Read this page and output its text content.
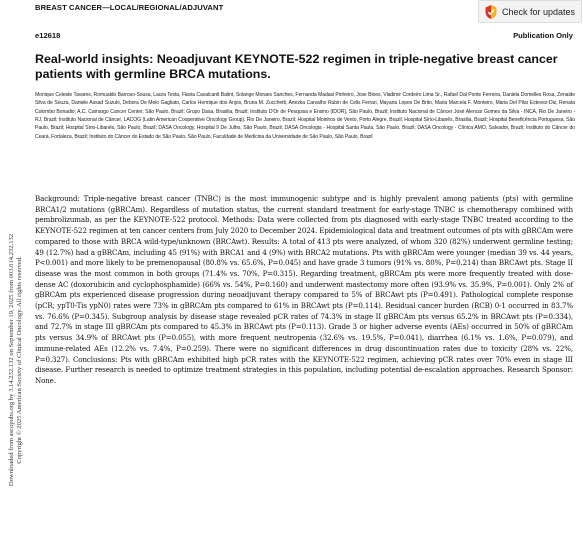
BREAST CANCER—LOCAL/REGIONAL/ADJUVANT	Check for updates
e12618	Publication Only
Real-world insights: Neoadjuvant KEYNOTE-522 regimen in triple-negative breast cancer patients with germline BRCA mutations.
Monique Celeste Tavares, Romualdo Barroso-Sousa, Laura Testa, Flavia Cavalcanti Balint, Solange Moraes Sanches, Fernanda Madasi Pinheiro, Jose Bines, Vladimir Cordeiro Lima Sr., Rafael Dal Ponte Ferreira, Daniela Domelles Rosa, Zenaide Silva de Souza, Daniele Assad Suzuki, Debora De Melo Gagliato, Carlos Henrique dos Anjos, Bruna M. Zucchetti, Anezka Carvalho Rubin de Celis Ferrari, Mayana Lopes De Brito, Maria Marcela F. Monteiro, Maria Del Pilar Estevez-Diz, Renata Colombo Bonadio; A.C. Camargo Cancer Center, São Paulo, Brazil; Grupo Dasa, Brasilia, Brazil; Instituto D'Or de Pesquisa e Ensino (IDOR), São Paulo, Brazil; Instituto Nacional de Câncer José Alencar Gomes da Silva - INCA, Rio De Janeiro - RJ, Brazil; Instituto Nacional de Câncer, LACOG (Latin American Cooperative Oncology Group), Rio De Janeiro, Brazil; Hospital Moinhos de Vento, Porto Alegre, Brazil; Hospital Sírio-Libanês, Brasilia, Brazil; Hospital Beneficência Portuguesa, São Paulo, Brazil; Hospital Sírio-Libanês, São Paulo, Brazil; DASA Oncology, Hospital 9 De Julho, São Paulo, Brazil; DASA Oncologia - Hospital Santa Paula, São Paulo, Brazil; DASA Oncology - Clínica AMO, Salvador, Brazil; Instituto do Câncer do Ceará, Fortaleza, Brazil; Instituto do Câncer do Estado de São Paulo, São Paulo, Faculdade de Medicina da Universidade de São Paulo, São Paulo, Brazil

Background: Triple-negative breast cancer (TNBC) is the most immunogenic subtype and is highly prevalent among patients (pts) with germline BRCA1/2 mutations (gBRCAm). Regardless of mutation status, the current standard treatment for early-stage TNBC is chemotherapy combined with pembrolizumab, as per the KEYNOTE-522 protocol. Methods: Data were collected from pts diagnosed with early-stage TNBC treated according to the KEYNOTE-522 regimen at ten cancer centers from July 2020 to December 2024. Epidemiological data and treatment outcomes of pts with gBRCAm were compared to those with BRCA wild-type/unknown (BRCAwt). Results: A total of 413 pts were analyzed, of whom 320 (82%) underwent germline testing; 49 (12.7%) had a gBRCAm, including 45 (91%) with BRCA1 and 4 (9%) with BRCA2 mutations. Pts with gBRCAm were younger (median 39 vs. 44 years, P<0.001) and more likely to be premenopausal (80.8% vs. 65.6%, P=0.045) and have grade 3 tumors (91% vs. 80%, P=0.214) than BRCAwt pts. Stage II disease was the most common in both groups (71.4% vs. 70%, P=0.315). Regarding treatment, gBRCAm pts were more frequently treated with dose-dense AC (doxorubicin and cyclophosphamide) (66% vs. 54%, P=0.160) and underwent mastectomy more often (93.9% vs. 35.9%, P=0.001). Only 2% of gBRCAm pts experienced disease progression during neoadjuvant therapy compared to 5% of BRCAwt pts (P=0.491). Pathological complete response (pCR; ypT0-Tis ypN0) rates were 73% in gBRCAm pts compared to 61% in BRCAwt pts (P=0.114). Residual cancer burden (RCB) 0-1 occurred in 83.7% vs. 76.6% (P=0.345). Subgroup analysis by disease stage revealed pCR rates of 74.3% in stage II gBRCAm pts versus 65.2% in BRCAwt pts (P=0.334), and 72.7% in stage III gBRCAm pts compared to 45.3% in BRCAwt pts (P=0.113). Grade 3 or higher adverse events (AEs) occurred in 50% of gBRCAm pts versus 34.9% of BRCAwt pts (P=0.055), with more frequent neutropenia (32.6% vs. 19.5%, P=0.041), diarrhea (6.1% vs. 1.6%, P=0.079), and immune-related AEs (12.2% vs. 7.4%, P=0.259). There were no significant differences in drug discontinuation rates due to toxicity (28% vs. 22%, P=0.327). Conclusions: Pts with gBRCAm exhibited high pCR rates with the KEYNOTE-522 regimen, achieving pCR rates over 70% even in stage III disease. Further research is needed to optimize treatment strategies in this population, including potential de-escalation approaches. Research Sponsor: None.

Downloaded from ascopubs.org by 3.14.232.132 on September 19, 2025 from 003.014.232.132 Copyright © 2025 American Society of Clinical Oncology. All rights reserved.
